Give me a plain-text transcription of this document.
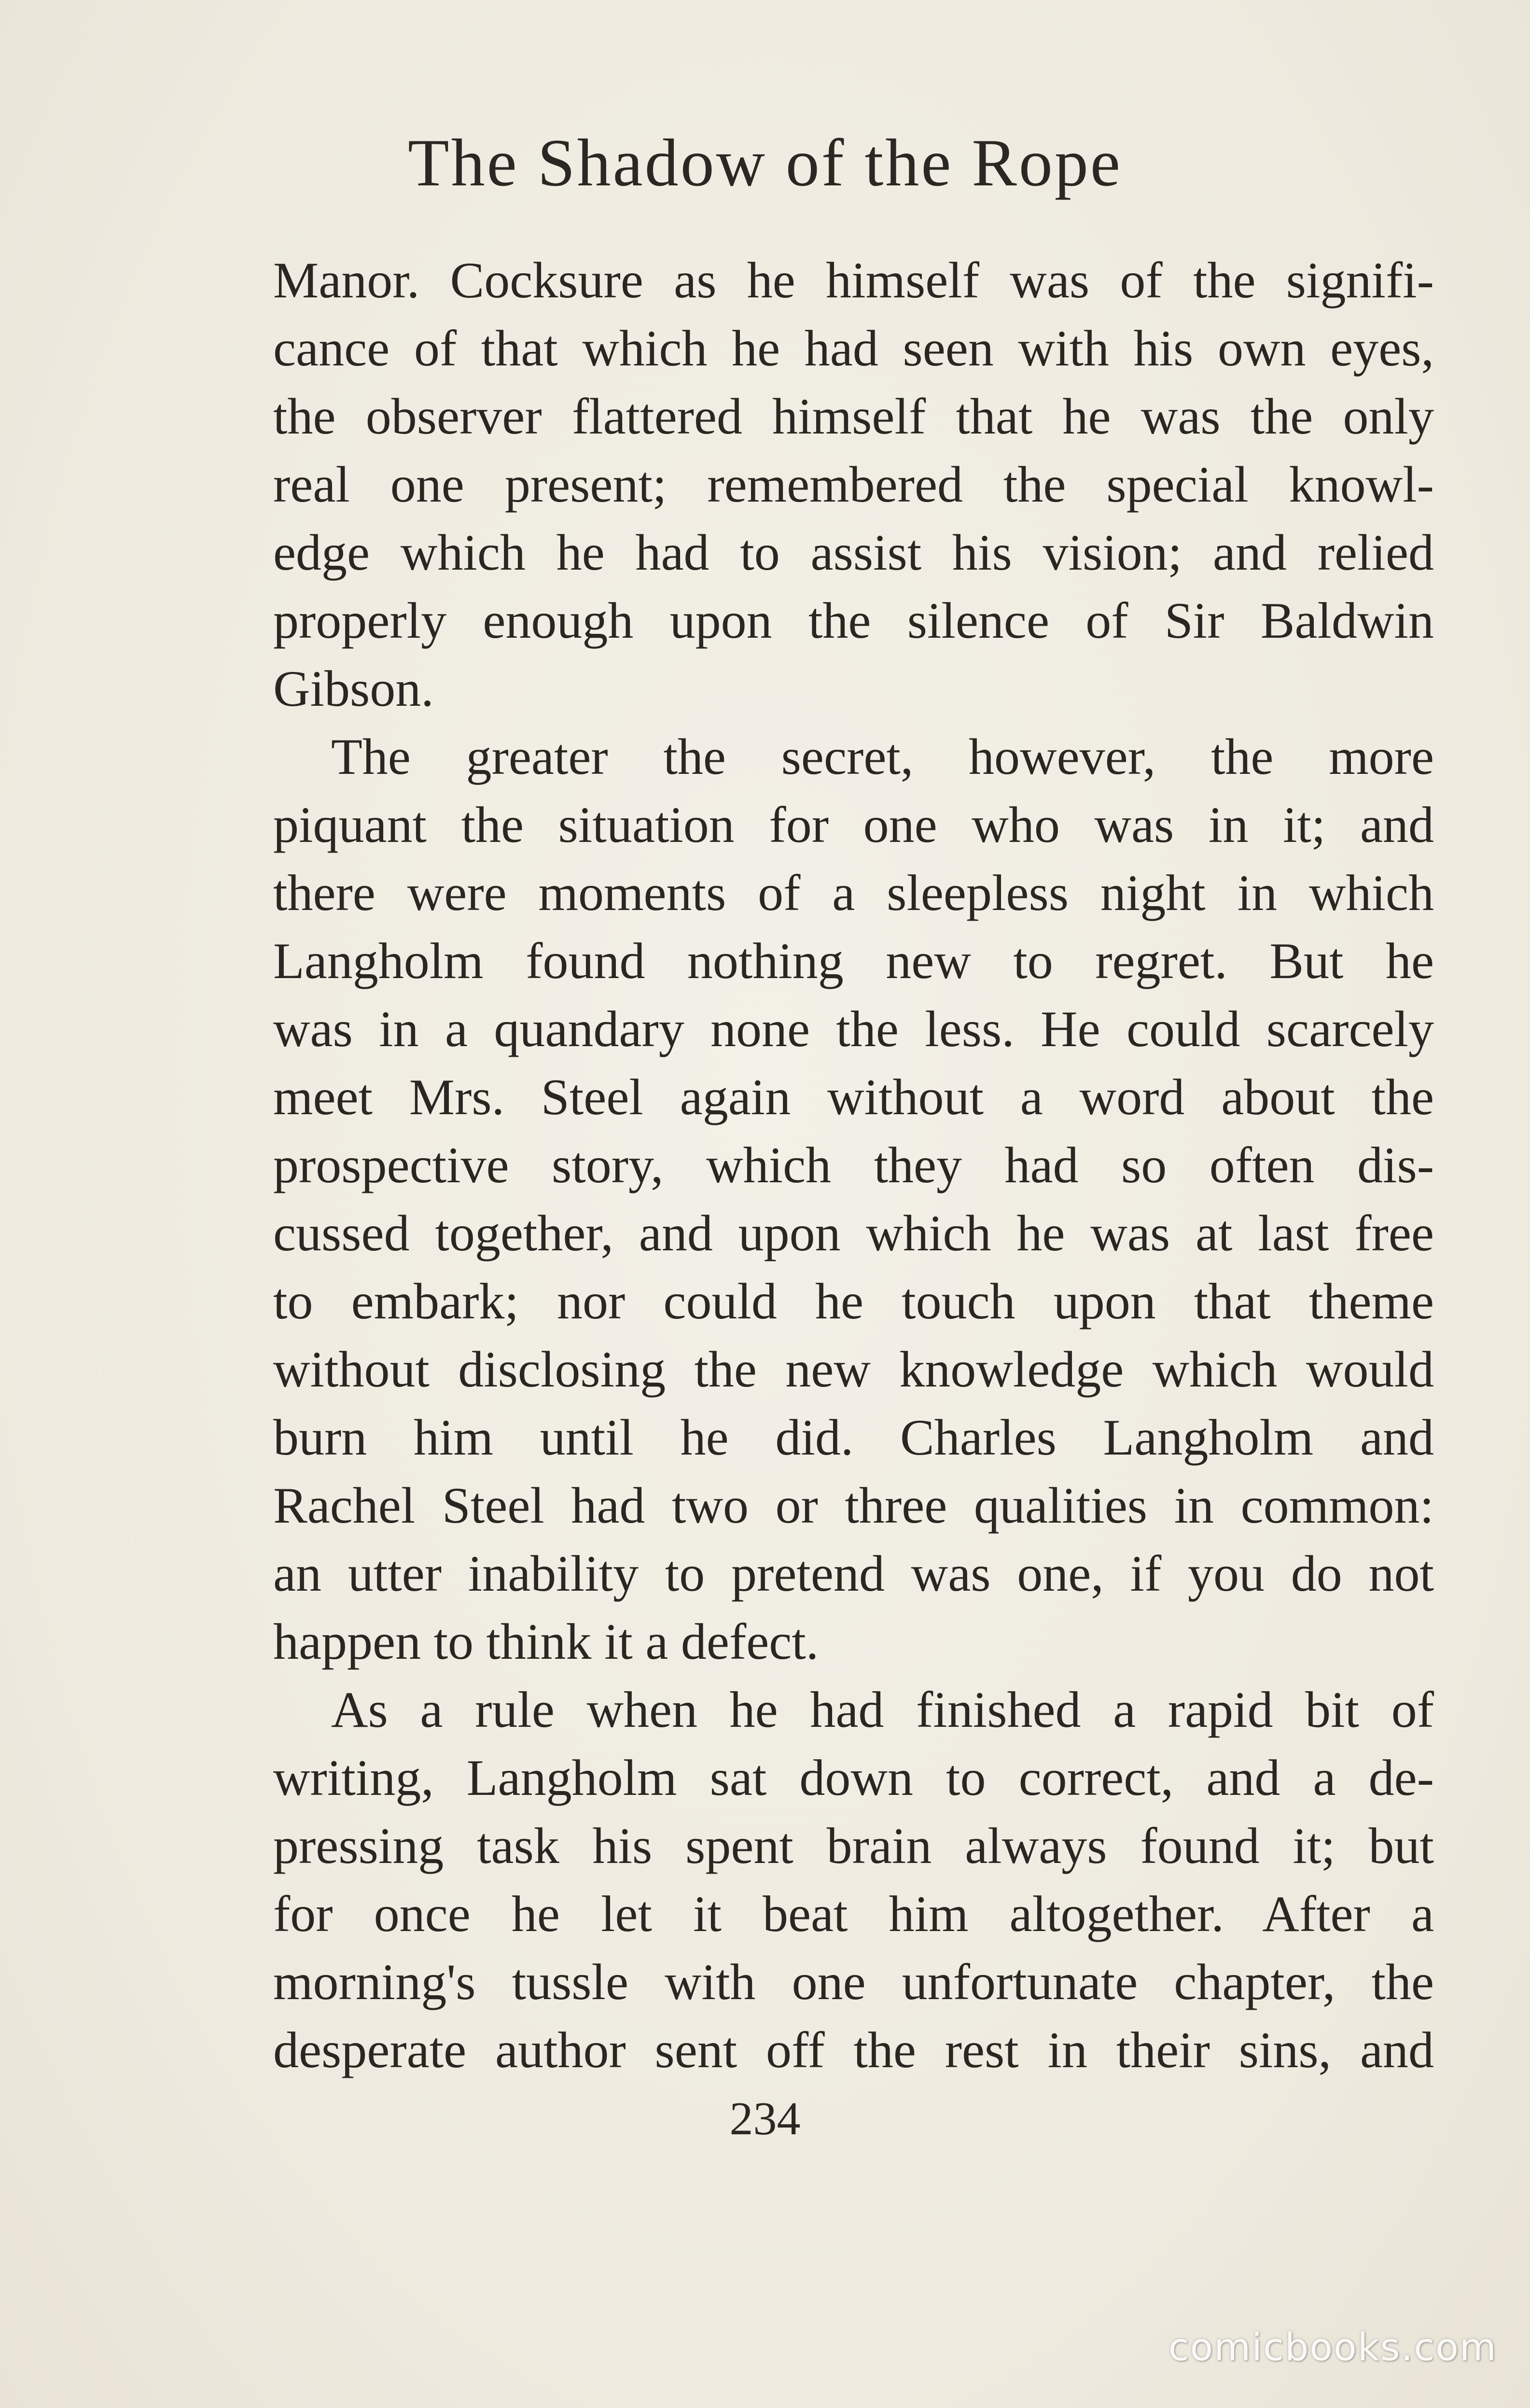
The Shadow of the Rope
Manor. Cocksure as he himself was of the signifi-
cance of that which he had seen with his own eyes,
the observer flattered himself that he was the only
real one present; remembered the special knowl-
edge which he had to assist his vision; and relied
properly enough upon the silence of Sir Baldwin
Gibson.
The greater the secret, however, the more
piquant the situation for one who was in it; and
there were moments of a sleepless night in which
Langholm found nothing new to regret. But he
was in a quandary none the less. He could scarcely
meet Mrs. Steel again without a word about the
prospective story, which they had so often dis-
cussed together, and upon which he was at last free
to embark; nor could he touch upon that theme
without disclosing the new knowledge which would
burn him until he did. Charles Langholm and
Rachel Steel had two or three qualities in common:
an utter inability to pretend was one, if you do not
happen to think it a defect.
As a rule when he had finished a rapid bit of
writing, Langholm sat down to correct, and a de-
pressing task his spent brain always found it; but
for once he let it beat him altogether. After a
morning's tussle with one unfortunate chapter, the
desperate author sent off the rest in their sins, and
234
comicbooks.com
